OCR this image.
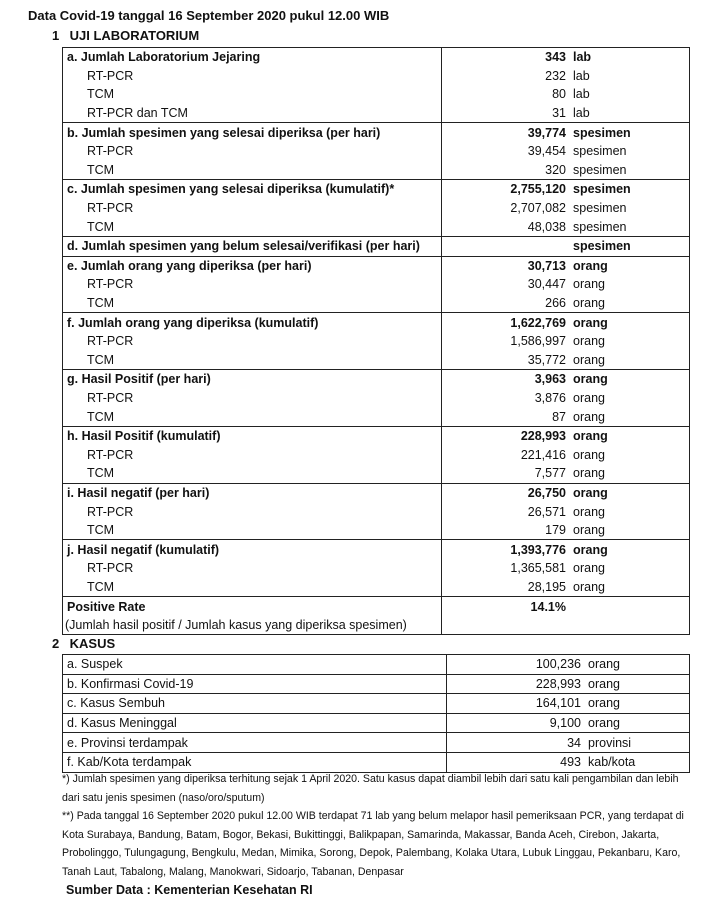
Data Covid-19 tanggal 16 September 2020 pukul 12.00 WIB
1 UJI LABORATORIUM
a. Jumlah Laboratorium Jejaring	343	lab
RT-PCR	232	lab
TCM	80	lab
RT-PCR dan TCM	31	lab
b. Jumlah spesimen yang selesai diperiksa (per hari)	39,774	spesimen
RT-PCR	39,454	spesimen
TCM	320	spesimen
c. Jumlah spesimen yang selesai diperiksa (kumulatif)*	2,755,120	spesimen
RT-PCR	2,707,082	spesimen
TCM	48,038	spesimen
d. Jumlah spesimen yang belum selesai/verifikasi (per hari)		spesimen
e. Jumlah orang yang diperiksa (per hari)	30,713	orang
RT-PCR	30,447	orang
TCM	266	orang
f. Jumlah orang yang diperiksa (kumulatif)	1,622,769	orang
RT-PCR	1,586,997	orang
TCM	35,772	orang
g. Hasil Positif (per hari)	3,963	orang
RT-PCR	3,876	orang
TCM	87	orang
h. Hasil Positif (kumulatif)	228,993	orang
RT-PCR	221,416	orang
TCM	7,577	orang
i. Hasil negatif (per hari)	26,750	orang
RT-PCR	26,571	orang
TCM	179	orang
j. Hasil negatif (kumulatif)	1,393,776	orang
RT-PCR	1,365,581	orang
TCM	28,195	orang
Positive Rate	14.1%	
(Jumlah hasil positif / Jumlah kasus yang diperiksa spesimen)		
2 KASUS
a. Suspek	100,236	orang
b. Konfirmasi Covid-19	228,993	orang
c. Kasus Sembuh	164,101	orang
d. Kasus Meninggal	9,100	orang
e. Provinsi terdampak	34	provinsi
f. Kab/Kota terdampak	493	kab/kota

*) Jumlah spesimen yang diperiksa terhitung sejak 1 April 2020. Satu kasus dapat diambil lebih dari satu kali pengambilan dan lebih dari satu jenis spesimen (naso/oro/sputum)

**) Pada tanggal 16 September 2020 pukul 12.00 WIB terdapat 71 lab yang belum melapor hasil pemeriksaan PCR, yang terdapat di Kota Surabaya, Bandung, Batam, Bogor, Bekasi, Bukittinggi, Balikpapan, Samarinda, Makassar, Banda Aceh, Cirebon, Jakarta, Probolinggo, Tulungagung, Bengkulu, Medan, Mimika, Sorong, Depok, Palembang, Kolaka Utara, Lubuk Linggau, Pekanbaru, Karo, Tanah Laut, Tabalong, Malang, Manokwari, Sidoarjo, Tabanan, Denpasar

Sumber Data : Kementerian Kesehatan RI
